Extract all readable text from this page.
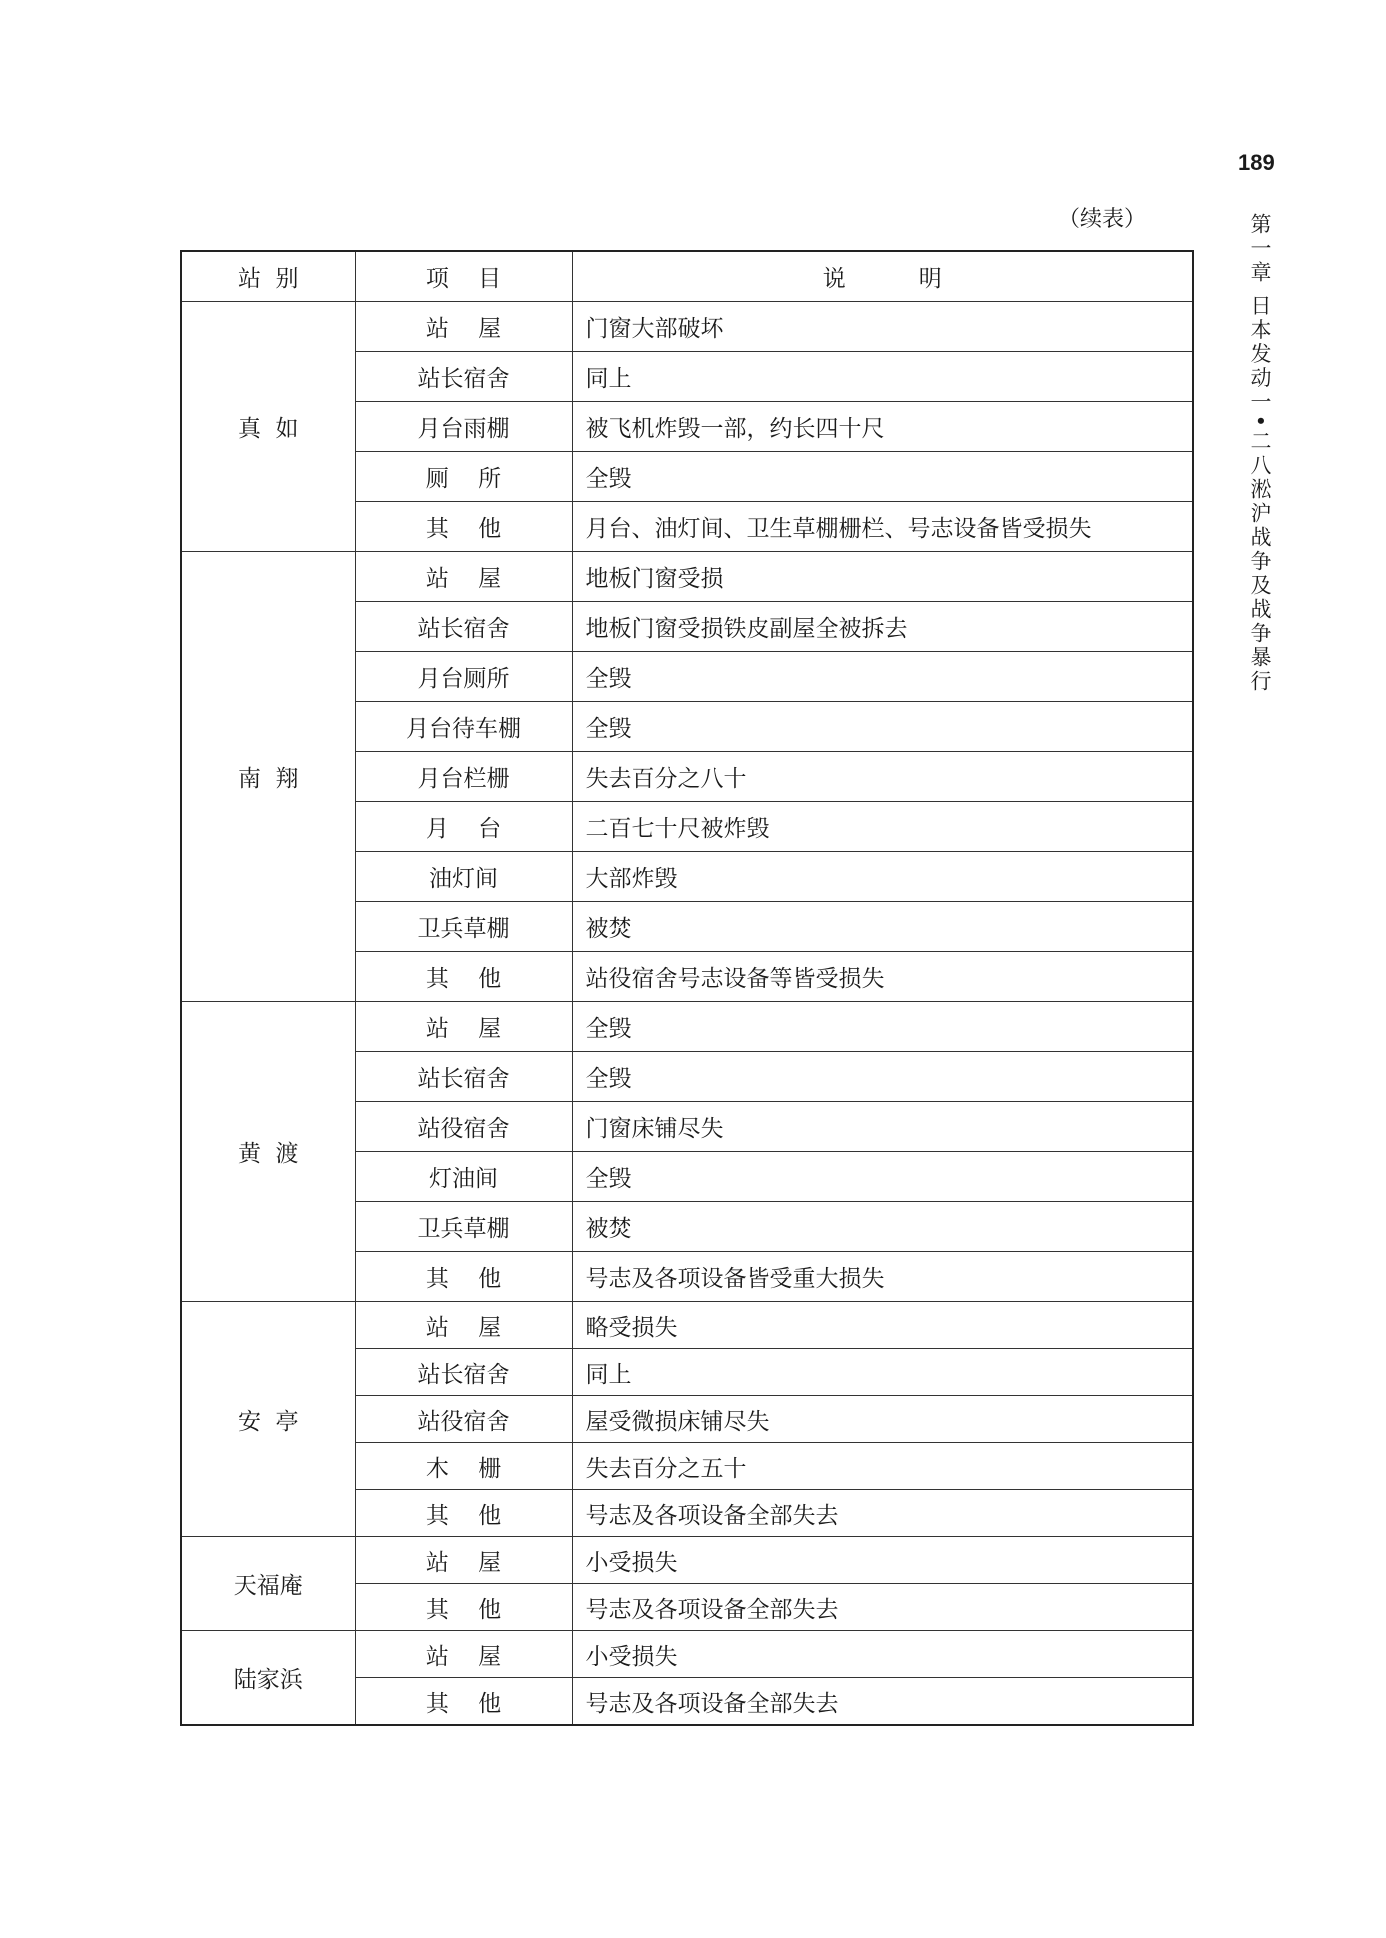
189
（续表）	第一章 日本发动一•二八淞沪战争及战争暴行
站  别	项    目	说          明
真  如	站    屋	门窗大部破坏
	站长宿舍	同上
	月台雨棚	被飞机炸毁一部，约长四十尺
	厕    所	全毁
	其    他	月台、油灯间、卫生草棚栅栏、号志设备皆受损失
南  翔	站    屋	地板门窗受损
	站长宿舍	地板门窗受损铁皮副屋全被拆去
	月台厕所	全毁
	月台待车棚	全毁
	月台栏栅	失去百分之八十
	月    台	二百七十尺被炸毁
	油灯间	大部炸毁
	卫兵草棚	被焚
	其    他	站役宿舍号志设备等皆受损失
黄  渡	站    屋	全毁
	站长宿舍	全毁
	站役宿舍	门窗床铺尽失
	灯油间	全毁
	卫兵草棚	被焚
	其    他	号志及各项设备皆受重大损失
安  亭	站    屋	略受损失
	站长宿舍	同上
	站役宿舍	屋受微损床铺尽失
	木    栅	失去百分之五十
	其    他	号志及各项设备全部失去
天福庵	站    屋	小受损失
	其    他	号志及各项设备全部失去
陆家浜	站    屋	小受损失
	其    他	号志及各项设备全部失去
